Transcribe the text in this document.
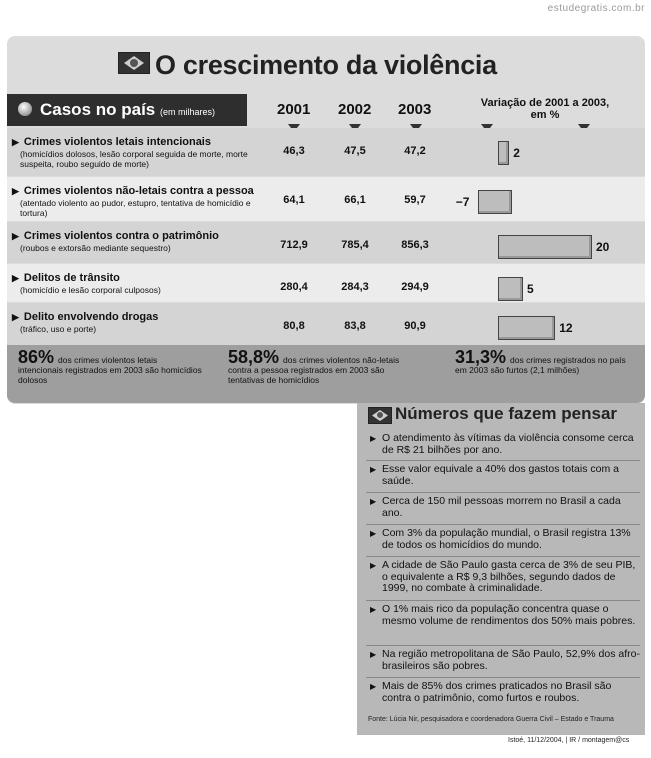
estudegratis.com.br
O crescimento da violência
Casos no país (em milhares)	2001 2002 2003	Variação de 2001 a 2003, em %
▶ Crimes violentos letais intencionais
(homicídios dolosos, lesão corporal seguida de morte, morte suspeita, roubo seguido de morte)
46,3	47,5	47,2	2
▶ Crimes violentos não-letais contra a pessoa
(atentado violento ao pudor, estupro, tentativa de homicídio e tortura)
64,1	66,1	59,7	−7
▶ Crimes violentos contra o patrimônio
(roubos e extorsão mediante sequestro)	712,9	785,4	856,3	20
▶ Delitos de trânsito
(homicídio e lesão corporal culposos)	280,4	284,3	294,9	5
▶ Delito envolvendo drogas
(tráfico, uso e porte)	80,8	83,8	90,9	12
86% dos crimes violentos letais intencionais registrados em 2003 são homicídios dolosos
58,8% dos crimes violentos não-letais contra a pessoa registrados em 2003 são tentativas de homicídios
31,3% dos crimes registrados no país em 2003 são furtos (2,1 milhões)
Números que fazem pensar
▶ O atendimento às vítimas da violência consome cerca de R$ 21 bilhões por ano.
▶ Esse valor equivale a 40% dos gastos totais com a saúde.
▶ Cerca de 150 mil pessoas morrem no Brasil a cada ano.
▶ Com 3% da população mundial, o Brasil registra 13% de todos os homicídios do mundo.
▶ A cidade de São Paulo gasta cerca de 3% de seu PIB, o equivalente a R$ 9,3 bilhões, segundo dados de 1999, no combate à criminalidade.
▶ O 1% mais rico da população concentra quase o mesmo volume de rendimentos dos 50% mais pobres.
▶ Na região metropolitana de São Paulo, 52,9% dos afro-brasileiros são pobres.
▶ Mais de 85% dos crimes praticados no Brasil são contra o patrimônio, como furtos e roubos.
Fonte: Lúcia Nir, pesquisadora e coordenadora Guerra Civil – Estado e Trauma
Istoé, 11/12/2004, | IR / montagem@cs
